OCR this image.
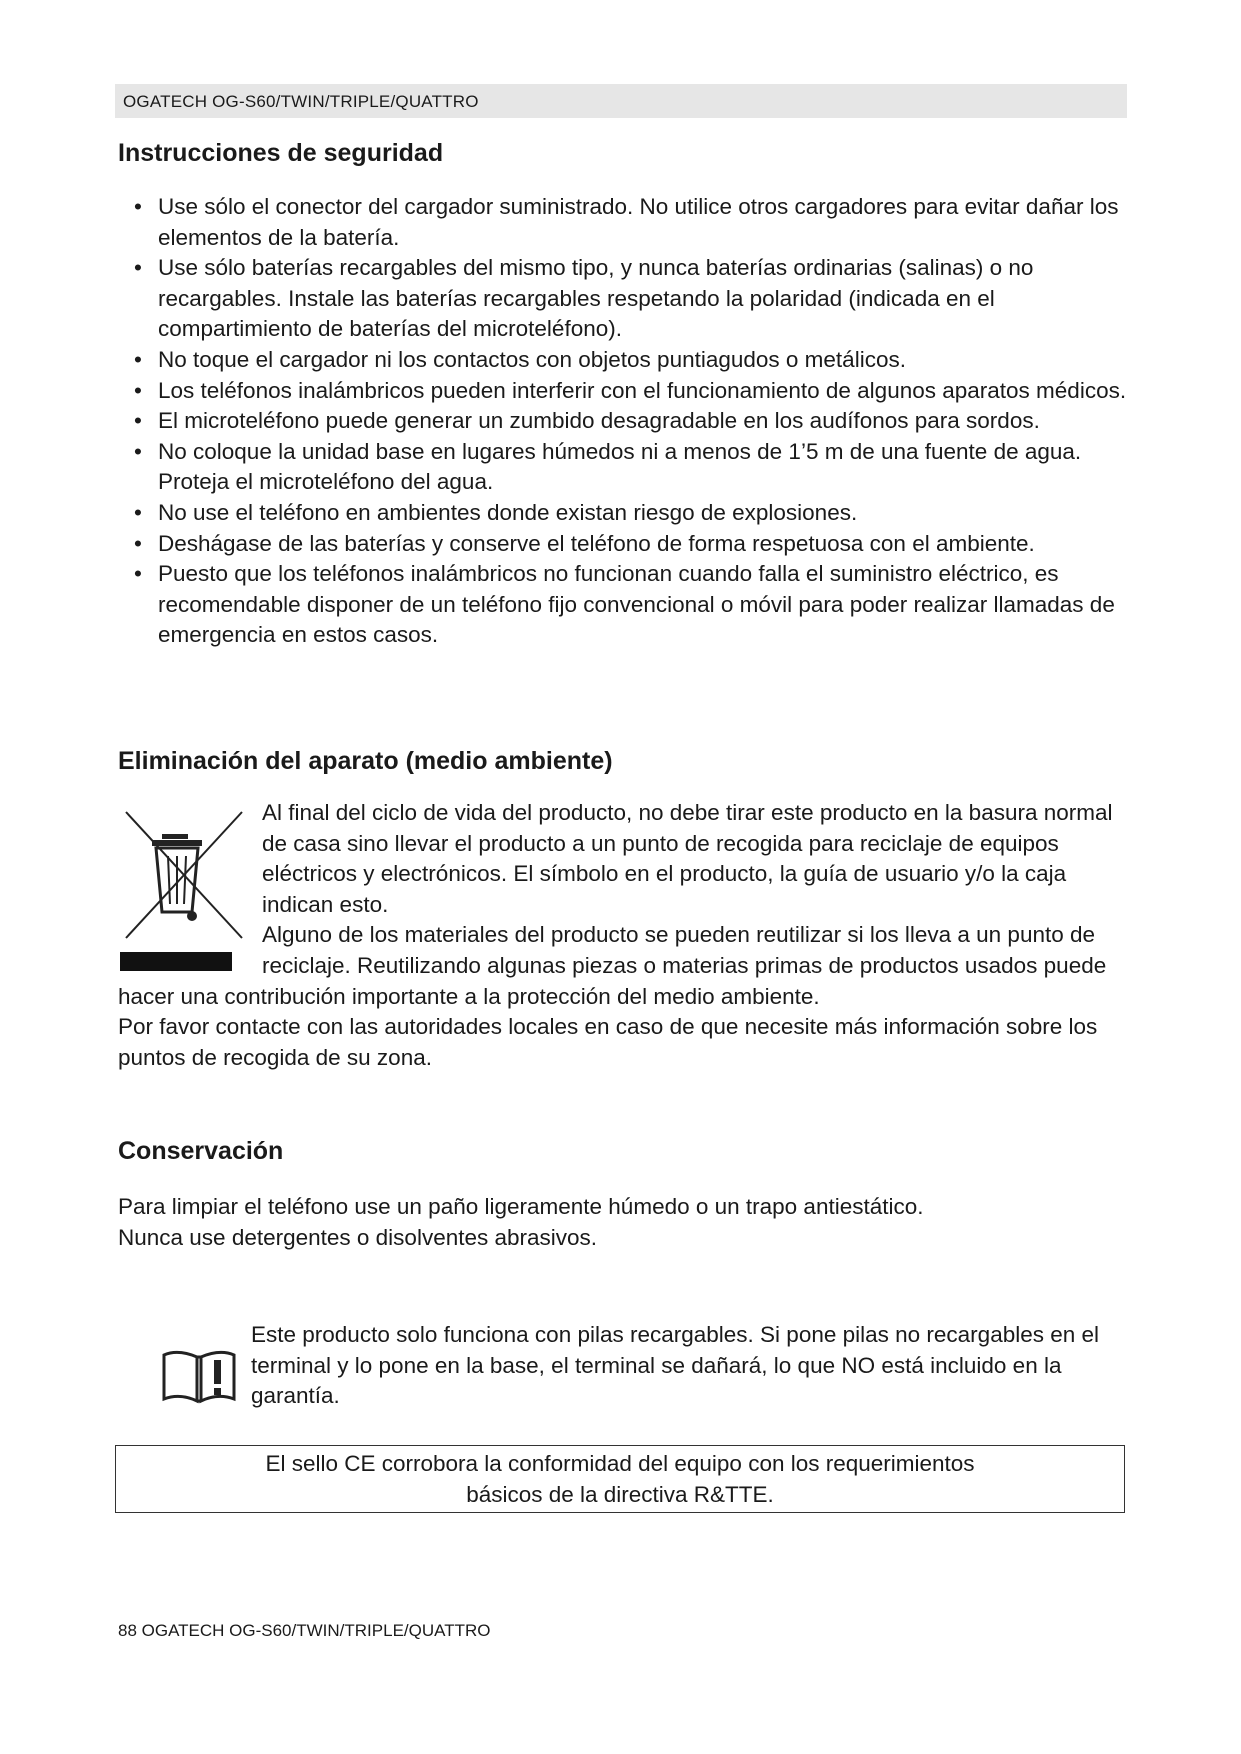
OGATECH OG-S60/TWIN/TRIPLE/QUATTRO
Instrucciones de seguridad
• Use sólo el conector del cargador suministrado. No utilice otros cargadores para evitar dañar los elementos de la batería.
• Use sólo baterías recargables del mismo tipo, y nunca baterías ordinarias (salinas) o no recargables. Instale las baterías recargables respetando la polaridad (indicada en el compartimiento de baterías del microteléfono).
• No toque el cargador ni los contactos con objetos puntiagudos o metálicos.
• Los teléfonos inalámbricos pueden interferir con el funcionamiento de algunos aparatos médicos.
• El microteléfono puede generar un zumbido desagradable en los audífonos para sordos.
• No coloque la unidad base en lugares húmedos ni a menos de 1’5 m de una fuente de agua. Proteja el microteléfono del agua.
• No use el teléfono en ambientes donde existan riesgo de explosiones.
• Deshágase de las baterías y conserve el teléfono de forma respetuosa con el ambiente.
• Puesto que los teléfonos inalámbricos no funcionan cuando falla el suministro eléctrico, es recomendable disponer de un teléfono fijo convencional o móvil para poder realizar llamadas de emergencia en estos casos.
Eliminación del aparato (medio ambiente)

Al final del ciclo de vida del producto, no debe tirar este producto en la basura normal de casa sino llevar el producto a un punto de recogida para reciclaje de equipos eléctricos y electrónicos. El símbolo en el producto, la guía de usuario y/o la caja indican esto.

Alguno de los materiales del producto se pueden reutilizar si los lleva a un punto de reciclaje. Reutilizando algunas piezas o materias primas de productos usados puede hacer una contribución importante a la protección del medio ambiente.

Por favor contacte con las autoridades locales en caso de que necesite más información sobre los puntos de recogida de su zona.

Conservación

Para limpiar el teléfono use un paño ligeramente húmedo o un trapo antiestático.

Nunca use detergentes o disolventes abrasivos.

Este producto solo funciona con pilas recargables. Si pone pilas no recargables en el terminal y lo pone en la base, el terminal se dañará, lo que NO está incluido en la garantía.
El sello CE corrobora la conformidad del equipo con los requerimientos
básicos de la directiva R&TTE.
88 OGATECH OG-S60/TWIN/TRIPLE/QUATTRO
